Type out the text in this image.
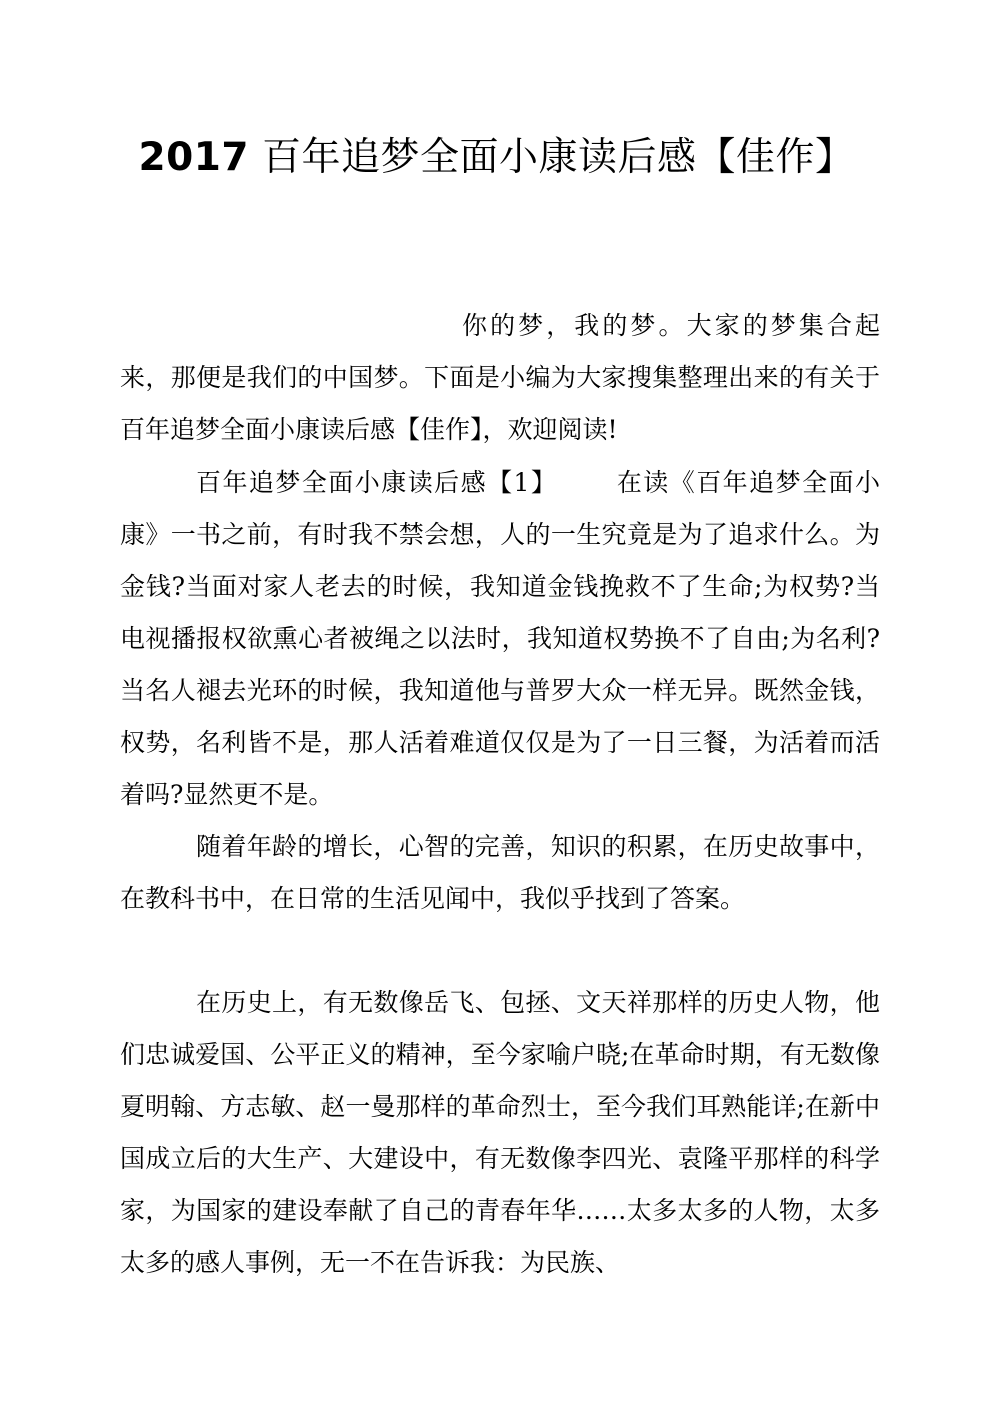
2017 百年追梦全面小康读后感【佳作】

你的梦，我的梦。大家的梦集合起来，那便是我们的中国梦。下面是小编为大家搜集整理出来的有关于百年追梦全面小康读后感【佳作】，欢迎阅读!

百年追梦全面小康读后感【1】 在读《百年追梦全面小康》一书之前，有时我不禁会想，人的一生究竟是为了追求什么。为金钱?当面对家人老去的时候，我知道金钱挽救不了生命;为权势?当电视播报权欲熏心者被绳之以法时，我知道权势换不了自由;为名利?当名人褪去光环的时候，我知道他与普罗大众一样无异。既然金钱，权势，名利皆不是，那人活着难道仅仅是为了一日三餐，为活着而活着吗?显然更不是。

随着年龄的增长，心智的完善，知识的积累，在历史故事中，在教科书中，在日常的生活见闻中，我似乎找到了答案。

在历史上，有无数像岳飞、包拯、文天祥那样的历史人物，他们忠诚爱国、公平正义的精神，至今家喻户晓;在革命时期，有无数像夏明翰、方志敏、赵一曼那样的革命烈士，至今我们耳熟能详;在新中国成立后的大生产、大建设中，有无数像李四光、袁隆平那样的科学家，为国家的建设奉献了自己的青春年华……太多太多的人物，太多太多的感人事例，无一不在告诉我：为民族、
